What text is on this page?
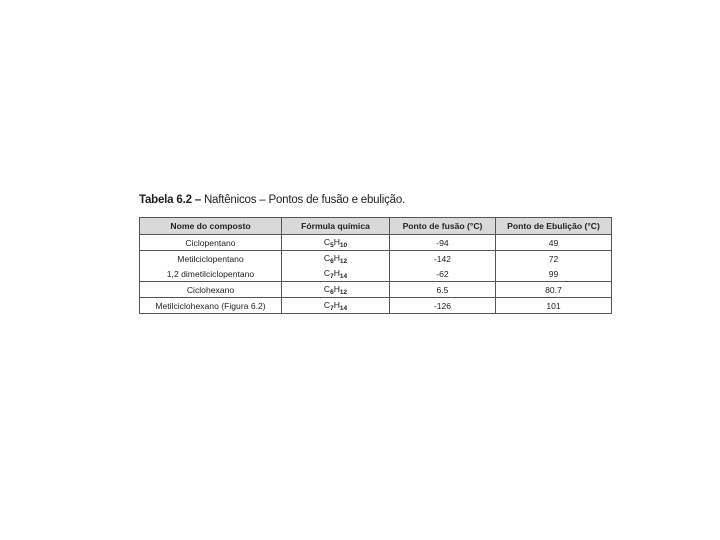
Tabela 6.2 – Naftênicos – Pontos de fusão e ebulição.
Nome do composto	Fórmula química	Ponto de fusão (°C)	Ponto de Ebulição (°C)
Ciclopentano	$C_5H_{10}$	-94	49
Metilciclopentano	$C_6H_{12}$	-142	72
1,2 dimetilciclopentano	$C_7H_{14}$	-62	99
Ciclohexano	$C_6H_{12}$	6.5	80.7
Metilciclohexano (Figura 6.2)	$C_7H_{14}$	-126	101
